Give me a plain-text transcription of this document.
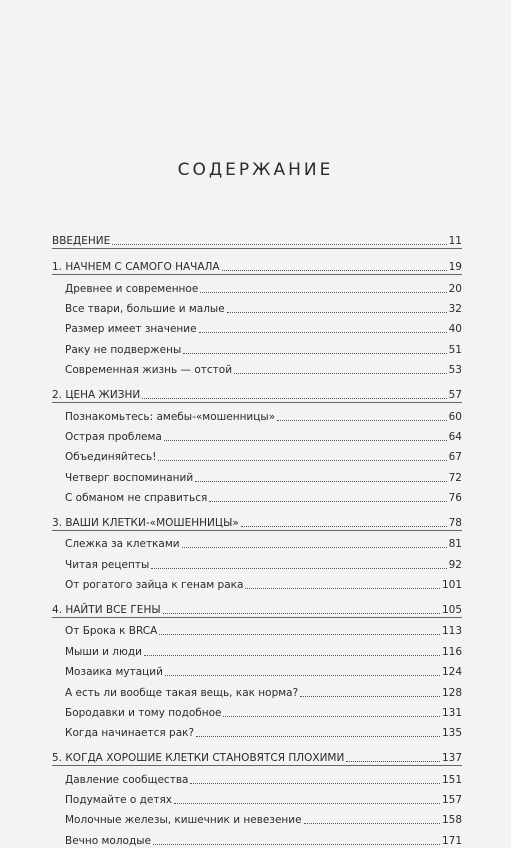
СОДЕРЖАНИЕ
ВВЕДЕНИЕ	11
1. НАЧНЕМ С САМОГО НАЧАЛА	19
Древнее и современное	20
Все твари, большие и малые	32
Размер имеет значение	40
Раку не подвержены	51
Современная жизнь — отстой	53
2. ЦЕНА ЖИЗНИ	57
Познакомьтесь: амебы-«мошенницы»	60
Острая проблема	64
Объединяйтесь!	67
Четверг воспоминаний	72
С обманом не справиться	76
3. ВАШИ КЛЕТКИ-«МОШЕННИЦЫ»	78
Слежка за клетками	81
Читая рецепты	92
От рогатого зайца к генам рака	101
4. НАЙТИ ВСЕ ГЕНЫ	105
От Брока к BRCA	113
Мыши и люди	116
Мозаика мутаций	124
А есть ли вообще такая вещь, как норма?	128
Бородавки и тому подобное	131
Когда начинается рак?	135
5. КОГДА ХОРОШИЕ КЛЕТКИ СТАНОВЯТСЯ ПЛОХИМИ	137
Давление сообщества	151
Подумайте о детях	157
Молочные железы, кишечник и невезение	158
Вечно молодые	171
